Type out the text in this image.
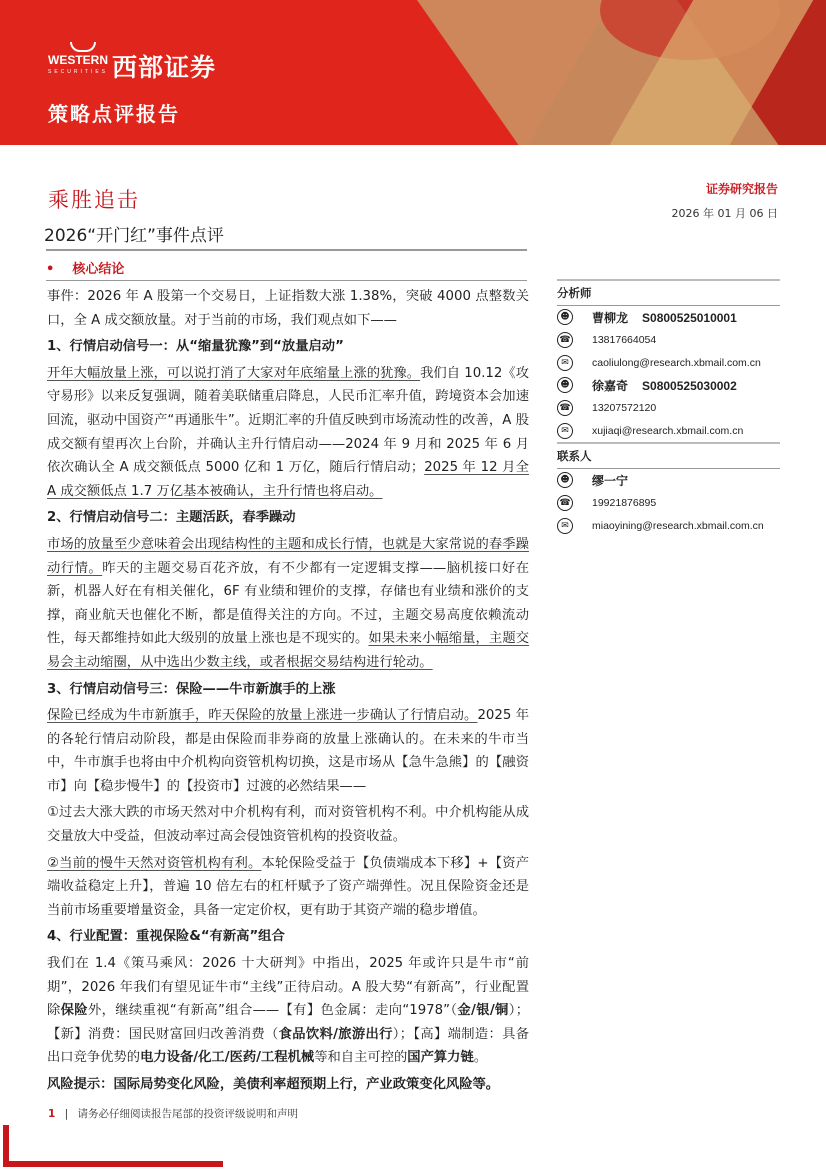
WESTERN
SECURITIES 西部证券
策略点评报告
乘胜追击
2026“开门红”事件点评
证券研究报告
2026 年 01 月 06 日
• 核心结论

事件：2026 年 A 股第一个交易日，上证指数大涨 1.38%，突破 4000 点整数关口，全 A 成交额放量。对于当前的市场，我们观点如下——

1、行情启动信号一：从“缩量犹豫”到“放量启动”

开年大幅放量上涨，可以说打消了大家对年底缩量上涨的犹豫。我们自 10.12《攻守易形》以来反复强调，随着美联储重启降息，人民币汇率升值，跨境资本会加速回流，驱动中国资产“再通胀牛”。近期汇率的升值反映到市场流动性的改善，A 股成交额有望再次上台阶，并确认主升行情启动——2024 年 9 月和 2025 年 6 月依次确认全 A 成交额低点 5000 亿和 1 万亿，随后行情启动；2025 年 12 月全 A 成交额低点 1.7 万亿基本被确认，主升行情也将启动。

2、行情启动信号二：主题活跃，春季躁动

市场的放量至少意味着会出现结构性的主题和成长行情，也就是大家常说的春季躁动行情。昨天的主题交易百花齐放，有不少都有一定逻辑支撑——脑机接口好在新，机器人好在有相关催化，6F 有业绩和锂价的支撑，存储也有业绩和涨价的支撑，商业航天也催化不断，都是值得关注的方向。不过，主题交易高度依赖流动性，每天都维持如此大级别的放量上涨也是不现实的。如果未来小幅缩量，主题交易会主动缩圈，从中选出少数主线，或者根据交易结构进行轮动。

3、行情启动信号三：保险——牛市新旗手的上涨

保险已经成为牛市新旗手，昨天保险的放量上涨进一步确认了行情启动。2025 年的各轮行情启动阶段，都是由保险而非券商的放量上涨确认的。在未来的牛市当中，牛市旗手也将由中介机构向资管机构切换，这是市场从【急牛急熊】的【融资市】向【稳步慢牛】的【投资市】过渡的必然结果——

①过去大涨大跌的市场天然对中介机构有利，而对资管机构不利。中介机构能从成交量放大中受益，但波动率过高会侵蚀资管机构的投资收益。

②当前的慢牛天然对资管机构有利。本轮保险受益于【负债端成本下移】+【资产端收益稳定上升】，普遍 10 倍左右的杠杆赋予了资产端弹性。况且保险资金还是当前市场重要增量资金，具备一定定价权，更有助于其资产端的稳步增值。

4、行业配置：重视保险&“有新高”组合

我们在 1.4《策马乘风：2026 十大研判》中指出，2025 年或许只是牛市“前期”，2026 年我们有望见证牛市“主线”正待启动。A 股大势“有新高”，行业配置除保险外，继续重视“有新高”组合——【有】色金属：走向“1978”（金/银/铜）；【新】消费：国民财富回归改善消费（食品饮料/旅游出行）；【高】端制造：具备出口竞争优势的电力设备/化工/医药/工程机械等和自主可控的国产算力链。

风险提示：国际局势变化风险，美债利率超预期上行，产业政策变化风险等。
分析师
☻ 曹柳龙 S0800525010001
☎ 13817664054
✉	caoliulong@research.xbmail.com.cn
☻ 徐嘉奇 S0800525030002
☎ 13207572120
✉	xujiaqi@research.xbmail.com.cn
联系人
☻ 缪一宁
☎ 19921876895
✉	miaoyining@research.xbmail.com.cn
1 | 请务必仔细阅读报告尾部的投资评级说明和声明
